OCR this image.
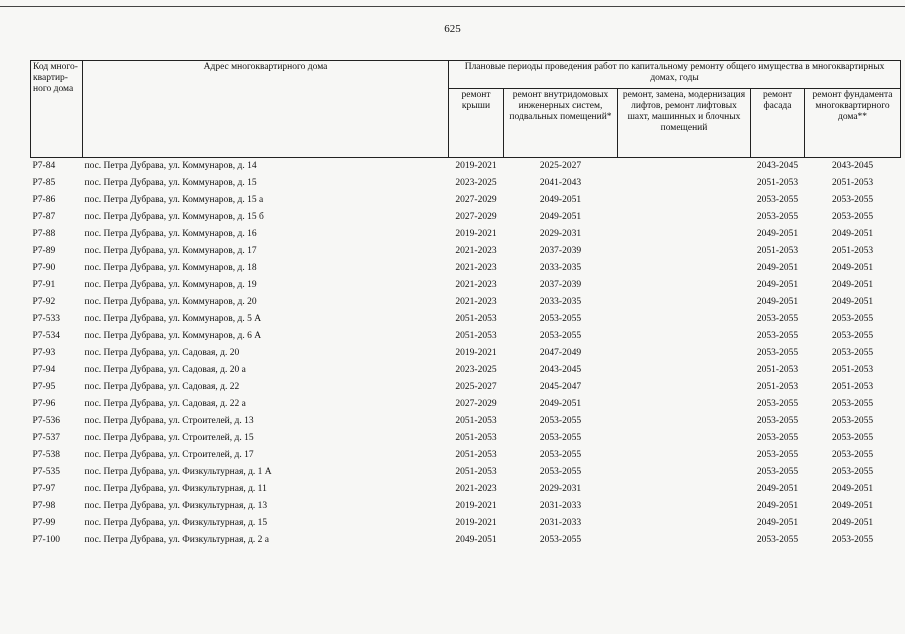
625
Код много-квартир-ного дома	Адрес многоквартирного дома	Плановые периоды проведения работ по капитальному ремонту общего имущества в многоквартирных домах, годы				
		ремонт крыши	ремонт внутридомовых инженерных систем, подвальных помещений*	ремонт, замена, модернизация лифтов, ремонт лифтовых шахт, машинных и блочных помещений	ремонт фасада	ремонт фундамента многоквартирного дома**
Р7-84	пос. Петра Дубрава, ул. Коммунаров, д. 14	2019-2021	2025-2027		2043-2045	2043-2045
Р7-85	пос. Петра Дубрава, ул. Коммунаров, д. 15	2023-2025	2041-2043		2051-2053	2051-2053
Р7-86	пос. Петра Дубрава, ул. Коммунаров, д. 15 а	2027-2029	2049-2051		2053-2055	2053-2055
Р7-87	пос. Петра Дубрава, ул. Коммунаров, д. 15 б	2027-2029	2049-2051		2053-2055	2053-2055
Р7-88	пос. Петра Дубрава, ул. Коммунаров, д. 16	2019-2021	2029-2031		2049-2051	2049-2051
Р7-89	пос. Петра Дубрава, ул. Коммунаров, д. 17	2021-2023	2037-2039		2051-2053	2051-2053
Р7-90	пос. Петра Дубрава, ул. Коммунаров, д. 18	2021-2023	2033-2035		2049-2051	2049-2051
Р7-91	пос. Петра Дубрава, ул. Коммунаров, д. 19	2021-2023	2037-2039		2049-2051	2049-2051
Р7-92	пос. Петра Дубрава, ул. Коммунаров, д. 20	2021-2023	2033-2035		2049-2051	2049-2051
Р7-533	пос. Петра Дубрава, ул. Коммунаров, д. 5 А	2051-2053	2053-2055		2053-2055	2053-2055
Р7-534	пос. Петра Дубрава, ул. Коммунаров, д. 6 А	2051-2053	2053-2055		2053-2055	2053-2055
Р7-93	пос. Петра Дубрава, ул. Садовая, д. 20	2019-2021	2047-2049		2053-2055	2053-2055
Р7-94	пос. Петра Дубрава, ул. Садовая, д. 20 а	2023-2025	2043-2045		2051-2053	2051-2053
Р7-95	пос. Петра Дубрава, ул. Садовая, д. 22	2025-2027	2045-2047		2051-2053	2051-2053
Р7-96	пос. Петра Дубрава, ул. Садовая, д. 22 а	2027-2029	2049-2051		2053-2055	2053-2055
Р7-536	пос. Петра Дубрава, ул. Строителей, д. 13	2051-2053	2053-2055		2053-2055	2053-2055
Р7-537	пос. Петра Дубрава, ул. Строителей, д. 15	2051-2053	2053-2055		2053-2055	2053-2055
Р7-538	пос. Петра Дубрава, ул. Строителей, д. 17	2051-2053	2053-2055		2053-2055	2053-2055
Р7-535	пос. Петра Дубрава, ул. Физкультурная, д. 1 А	2051-2053	2053-2055		2053-2055	2053-2055
Р7-97	пос. Петра Дубрава, ул. Физкультурная, д. 11	2021-2023	2029-2031		2049-2051	2049-2051
Р7-98	пос. Петра Дубрава, ул. Физкультурная, д. 13	2019-2021	2031-2033		2049-2051	2049-2051
Р7-99	пос. Петра Дубрава, ул. Физкультурная, д. 15	2019-2021	2031-2033		2049-2051	2049-2051
Р7-100	пос. Петра Дубрава, ул. Физкультурная, д. 2 а	2049-2051	2053-2055		2053-2055	2053-2055
